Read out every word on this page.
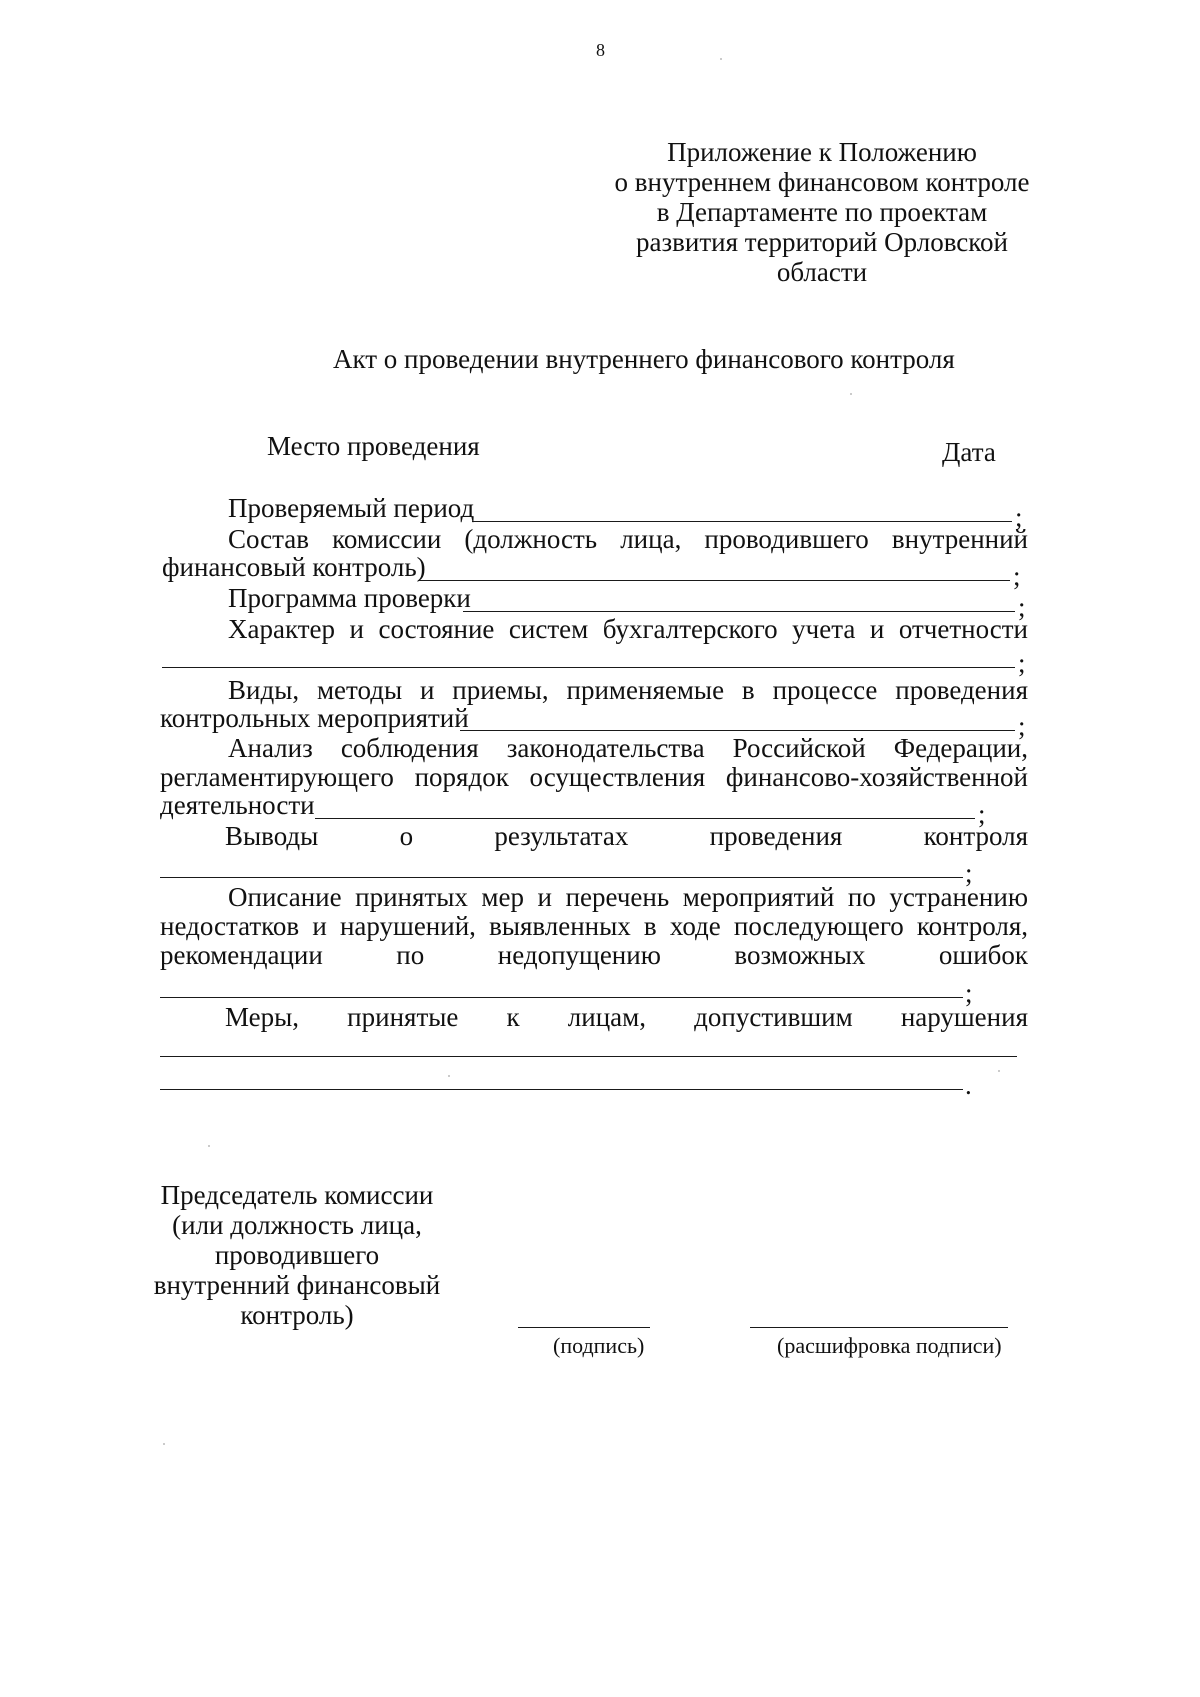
8
Приложение к Положению
о внутреннем финансовом контроле
в Департаменте по проектам
развития территорий Орловской
области
Акт о проведении внутреннего финансового контроля
Место проведения	Дата
Проверяемый период	;
Состав комиссии (должность лица, проводившего внутренний
финансовый контроль)	;
Программа проверки	;
Характер и состояние систем бухгалтерского учета и отчетности
;
Виды, методы и приемы, применяемые в процессе проведения
контрольных мероприятий	;
Анализ соблюдения законодательства Российской Федерации,
регламентирующего порядок осуществления финансово-хозяйственной
деятельности	;
Выводы о результатах проведения контроля
;
Описание принятых мер и перечень мероприятий по устранению
недостатков и нарушений, выявленных в ходе последующего контроля,
рекомендации по недопущению возможных ошибок
;
Меры, принятые к лицам, допустившим нарушения
.
Председатель комиссии
(или должность лица,
проводившего
внутренний финансовый
контроль)
(подпись)	(расшифровка подписи)
